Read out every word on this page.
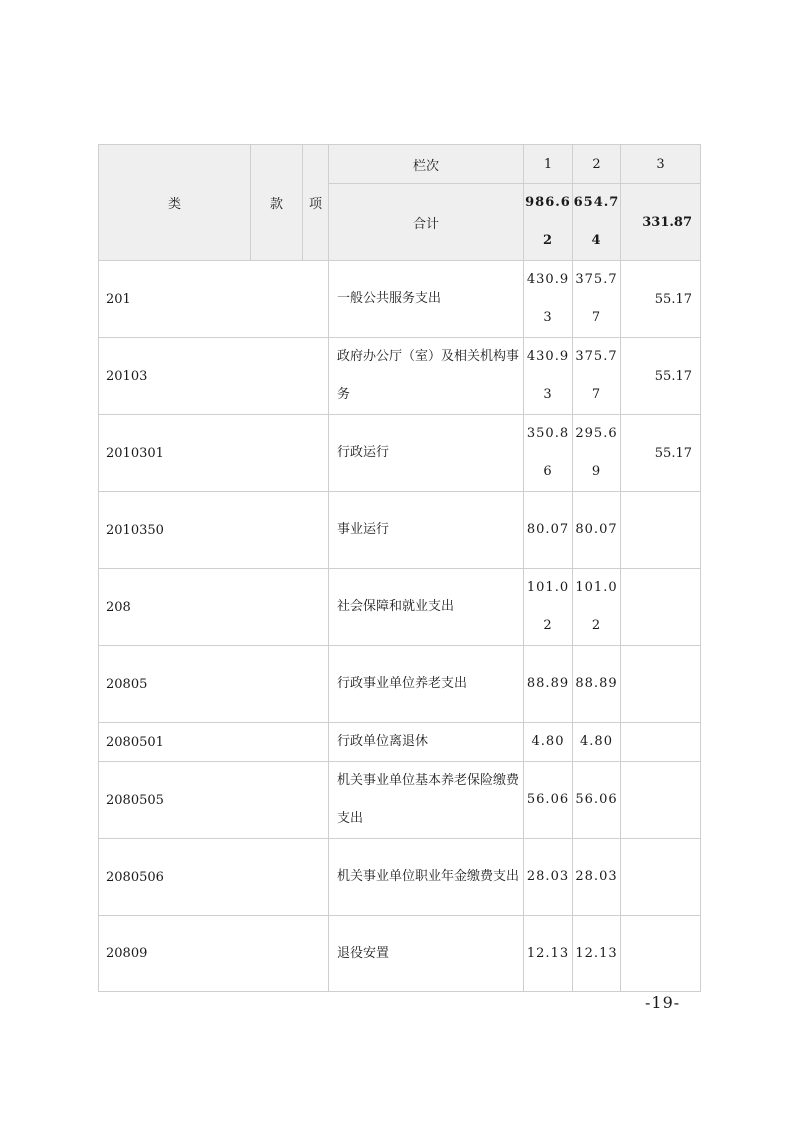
类	款	项	栏次	1	2	3
			合计	986.62	654.74	331.87
201			一般公共服务支出	430.93	375.77	55.17
20103			政府办公厅（室）及相关机构事务	430.93	375.77	55.17
2010301			行政运行	350.86	295.69	55.17
2010350			事业运行	80.07	80.07	
208			社会保障和就业支出	101.02	101.02	
20805			行政事业单位养老支出	88.89	88.89	
2080501			行政单位离退休	4.80	4.80	
2080505			机关事业单位基本养老保险缴费支出	56.06	56.06	
2080506			机关事业单位职业年金缴费支出	28.03	28.03	
20809			退役安置	12.13	12.13	
-19-
